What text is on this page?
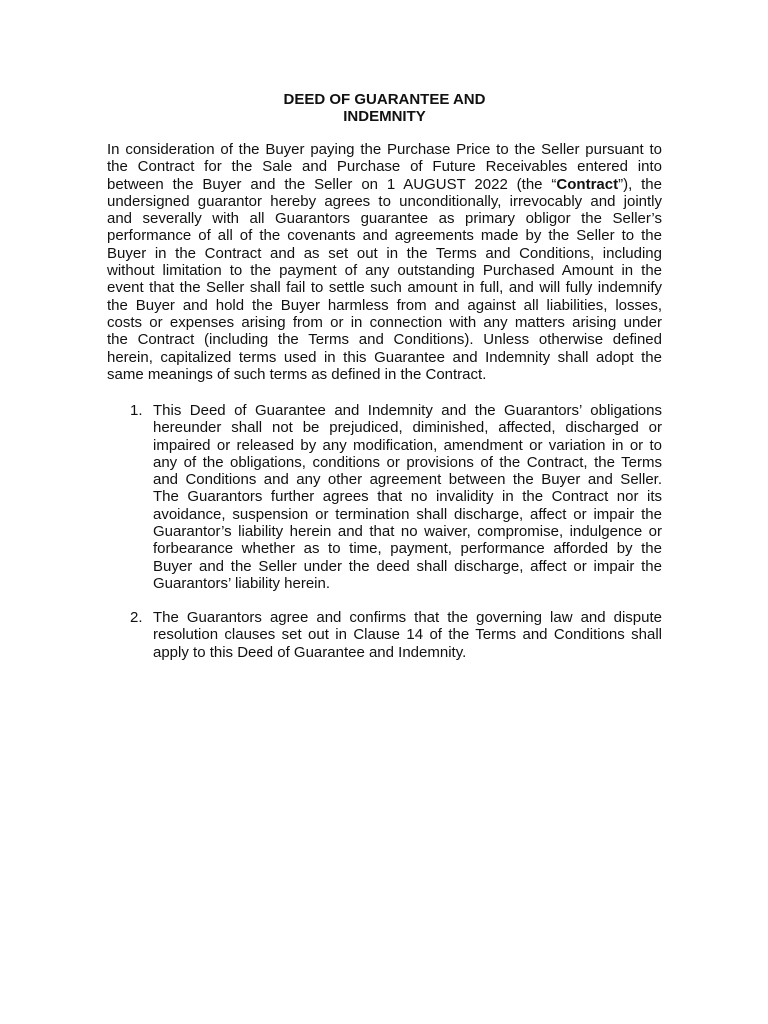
DEED OF GUARANTEE AND
INDEMNITY
In consideration of the Buyer paying the Purchase Price to the Seller pursuant to
the Contract for the Sale and Purchase of Future Receivables entered into
between the Buyer and the Seller on 1 AUGUST 2022 (the “Contract”), the
undersigned guarantor hereby agrees to unconditionally, irrevocably and jointly
and severally with all Guarantors guarantee as primary obligor the Seller’s
performance of all of the covenants and agreements made by the Seller to the
Buyer in the Contract and as set out in the Terms and Conditions, including
without limitation to the payment of any outstanding Purchased Amount in the
event that the Seller shall fail to settle such amount in full, and will fully indemnify
the Buyer and hold the Buyer harmless from and against all liabilities, losses,
costs or expenses arising from or in connection with any matters arising under
the Contract (including the Terms and Conditions). Unless otherwise defined
herein, capitalized terms used in this Guarantee and Indemnity shall adopt the
same meanings of such terms as defined in the Contract.
1. This Deed of Guarantee and Indemnity and the Guarantors’ obligations
hereunder shall not be prejudiced, diminished, affected, discharged or
impaired or released by any modification, amendment or variation in or to
any of the obligations, conditions or provisions of the Contract, the Terms
and Conditions and any other agreement between the Buyer and Seller.
The Guarantors further agrees that no invalidity in the Contract nor its
avoidance, suspension or termination shall discharge, affect or impair the
Guarantor’s liability herein and that no waiver, compromise, indulgence or
forbearance whether as to time, payment, performance afforded by the
Buyer and the Seller under the deed shall discharge, affect or impair the
Guarantors’ liability herein.
2. The Guarantors agree and confirms that the governing law and dispute
resolution clauses set out in Clause 14 of the Terms and Conditions shall
apply to this Deed of Guarantee and Indemnity.
